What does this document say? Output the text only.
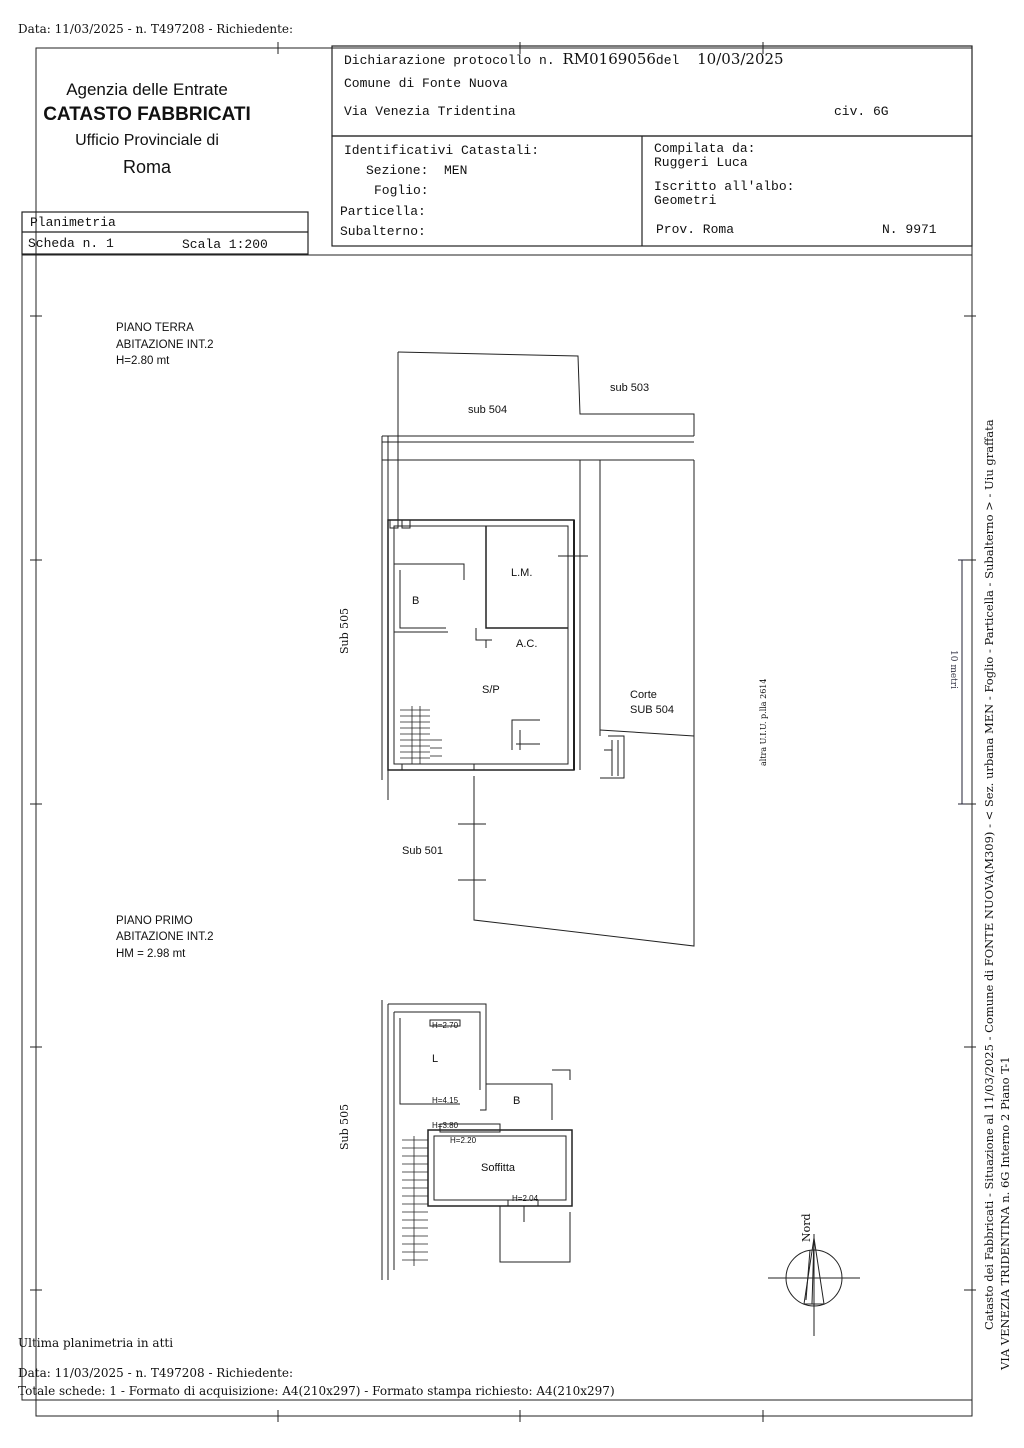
Data: 11/03/2025 - n. T497208 - Richiedente:
Agenzia delle Entrate
CATASTO FABBRICATI
Ufficio Provinciale di
Roma
Dichiarazione protocollo n. RM0169056del 10/03/2025
Comune di Fonte Nuova
Via Venezia Tridentina	civ. 6G
Identificativi Catastali:
Sezione: MEN
Foglio:
Particella:
Subalterno:
Compilata da:
Ruggeri Luca
Iscritto all'albo:
Geometri
Prov. Roma	N. 9971
Planimetria
Scheda n. 1	Scala 1:200
PIANO TERRA
ABITAZIONE INT.2
H=2.80 mt
sub 504
sub 503
L.M.
B
A.C.
S/P	Corte
SUB 504
Sub 501
Sub 505
altra U.I.U. p.lla 2614
PIANO PRIMO
ABITAZIONE INT.2
HM = 2.98 mt
L
B
Soffitta
H=2.70
H=4.15
H=3.80
H=2.20
H=2.04
Sub 505
Nord
10 metri Catasto dei Fabbricati - Situazione al 11/03/2025 - Comune di FONTE NUOVA(M309) - < Sez. urbana MEN - Foglio - Particella - Subalterno > - Uiu graffata VIA VENEZIA TRIDENTINA n. 6G Interno 2 Piano T-1
Ultima planimetria in atti
Data: 11/03/2025 - n. T497208 - Richiedente:
Totale schede: 1 - Formato di acquisizione: A4(210x297) - Formato stampa richiesto: A4(210x297)
